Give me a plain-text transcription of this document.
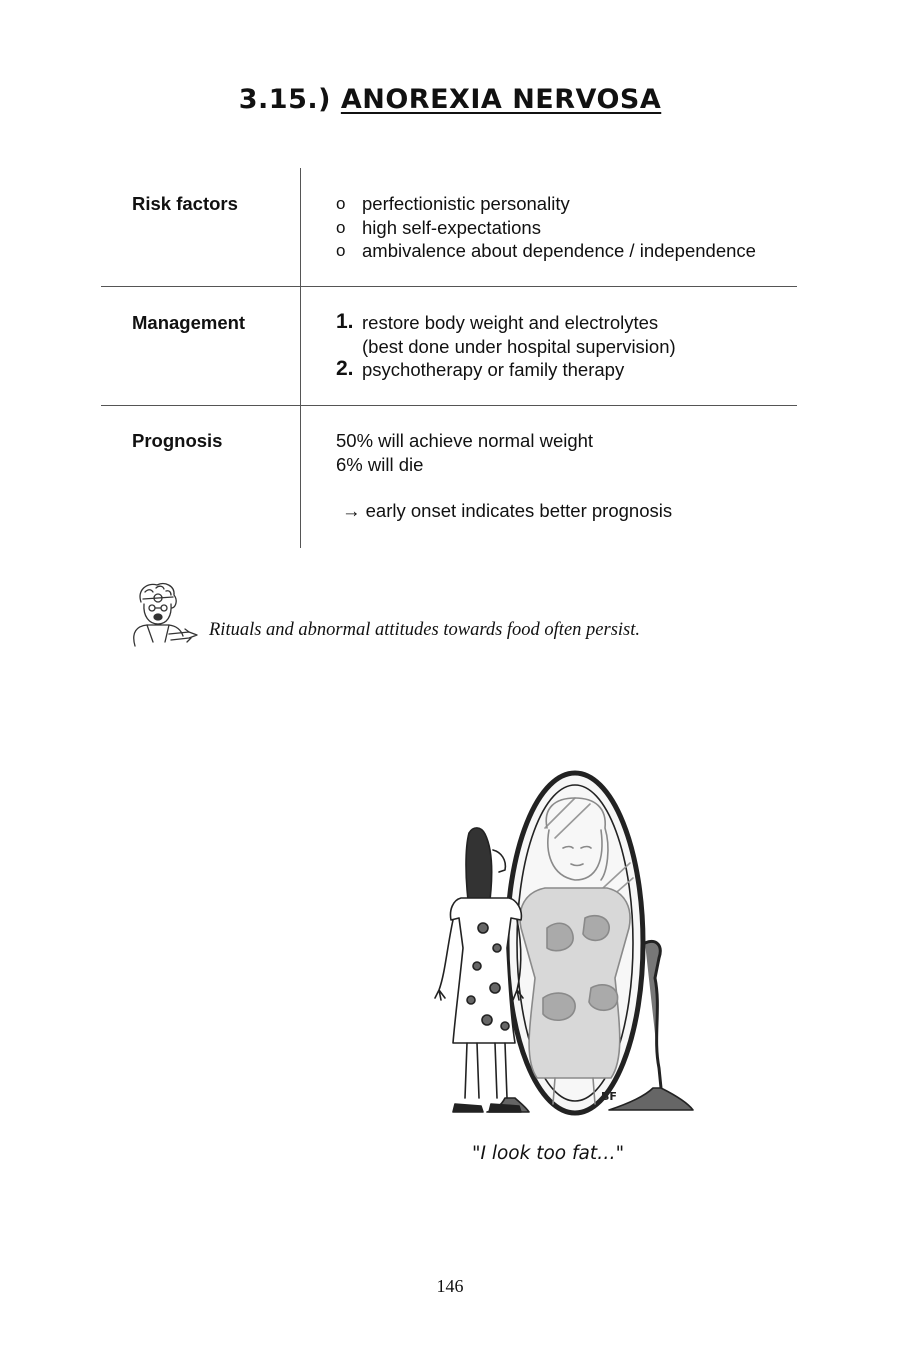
3.15.) ANOREXIA NERVOSA
Risk factors
o	perfectionistic personality
o high self-expectations
o ambivalence about dependence / independence
Management	1. restore body weight and electrolytes
(best done under hospital supervision)
2. psychotherapy or family therapy
Prognosis	50% will achieve normal weight
6% will die
→ early onset indicates better prognosis
Rituals and abnormal attitudes towards food often persist.
BF
"I look too fat…"
146
